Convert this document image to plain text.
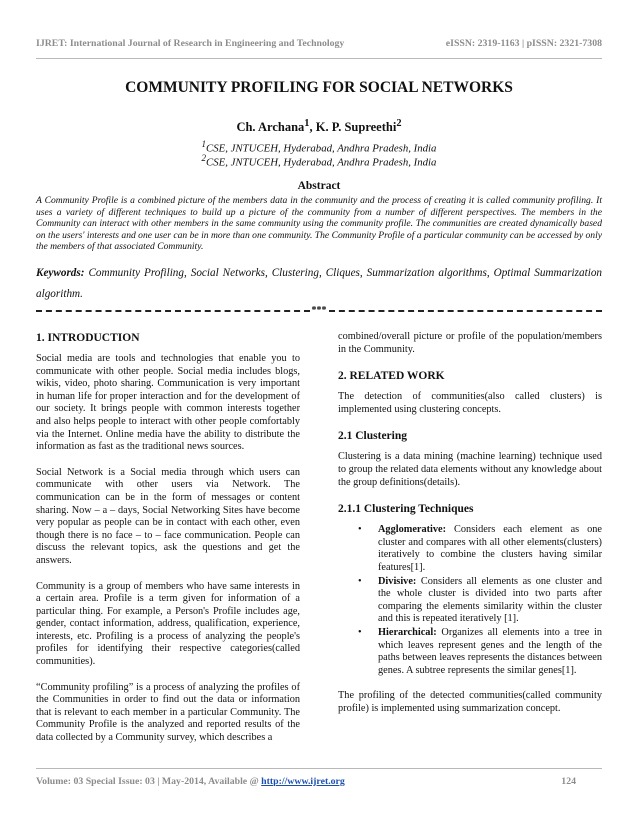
IJRET: International Journal of Research in Engineering and Technology	eISSN: 2319-1163 | pISSN: 2321-7308
COMMUNITY PROFILING FOR SOCIAL NETWORKS
Ch. Archana$^1$, K. P. Supreethi$^2$
$^1$CSE, JNTUCEH, Hyderabad, Andhra Pradesh, India
$^2$CSE, JNTUCEH, Hyderabad, Andhra Pradesh, India
Abstract

A Community Profile is a combined picture of the members data in the community and the process of creating it is called community profiling. It uses a variety of different techniques to build up a picture of the community from a number of different perspectives. The members in the Community can interact with other members in the same community using the community profile. The communities are created dynamically based on the users' interests and one user can be in more than one community. The Community Profile of a particular community can be accessed by only the members of that associated Community.

Keywords: Community Profiling, Social Networks, Clustering, Cliques, Summarization algorithms, Optimal Summarization algorithm.

***
1. INTRODUCTION

Social media are tools and technologies that enable you to communicate with other people. Social media includes blogs, wikis, video, photo sharing. Communication is very important in human life for proper interaction and for the development of our society. It brings people with common interests together and also helps people to interact with other people comfortably via the Internet. Online media have the ability to distribute the information as fast as the traditional news sources.

Social Network is a Social media through which users can communicate with other users via Network. The communication can be in the form of messages or content sharing. Now – a – days, Social Networking Sites have become very popular as people can be in contact with each other, even though there is no face – to – face communication. People can discuss the relevant topics, ask the questions and get the answers.

Community is a group of members who have same interests in a certain area. Profile is a term given for information of a particular thing. For example, a Person's Profile includes age, gender, contact information, address, qualification, experience, interests, etc. Profiling is a process of analyzing the people's profiles for identifying their respective categories(called communities).

“Community profiling” is a process of analyzing the profiles of the Communities in order to find out the data or information that is relevant to each member in a particular Community. The Community Profile is the analyzed and reported results of the data collected by a Community survey, which describes a

combined/overall picture or profile of the population/members in the Community.

2. RELATED WORK

The detection of communities(also called clusters) is implemented using clustering concepts.

2.1 Clustering

Clustering is a data mining (machine learning) technique used to group the related data elements without any knowledge about the group definitions(details).

2.1.1 Clustering Techniques
• Agglomerative: Considers each element as one cluster and compares with all other elements(clusters) iteratively to combine the clusters having similar features[1].
• Divisive: Considers all elements as one cluster and the whole cluster is divided into two parts after comparing the elements similarity within the cluster and this is repeated iteratively [1].
• Hierarchical: Organizes all elements into a tree in which leaves represent genes and the length of the paths between leaves represents the distances between genes. A subtree represents the similar genes[1].

The profiling of the detected communities(called community profile) is implemented using summarization concept.

Volume: 03 Special Issue: 03 | May-2014, Available @ http://www.ijret.org	124
